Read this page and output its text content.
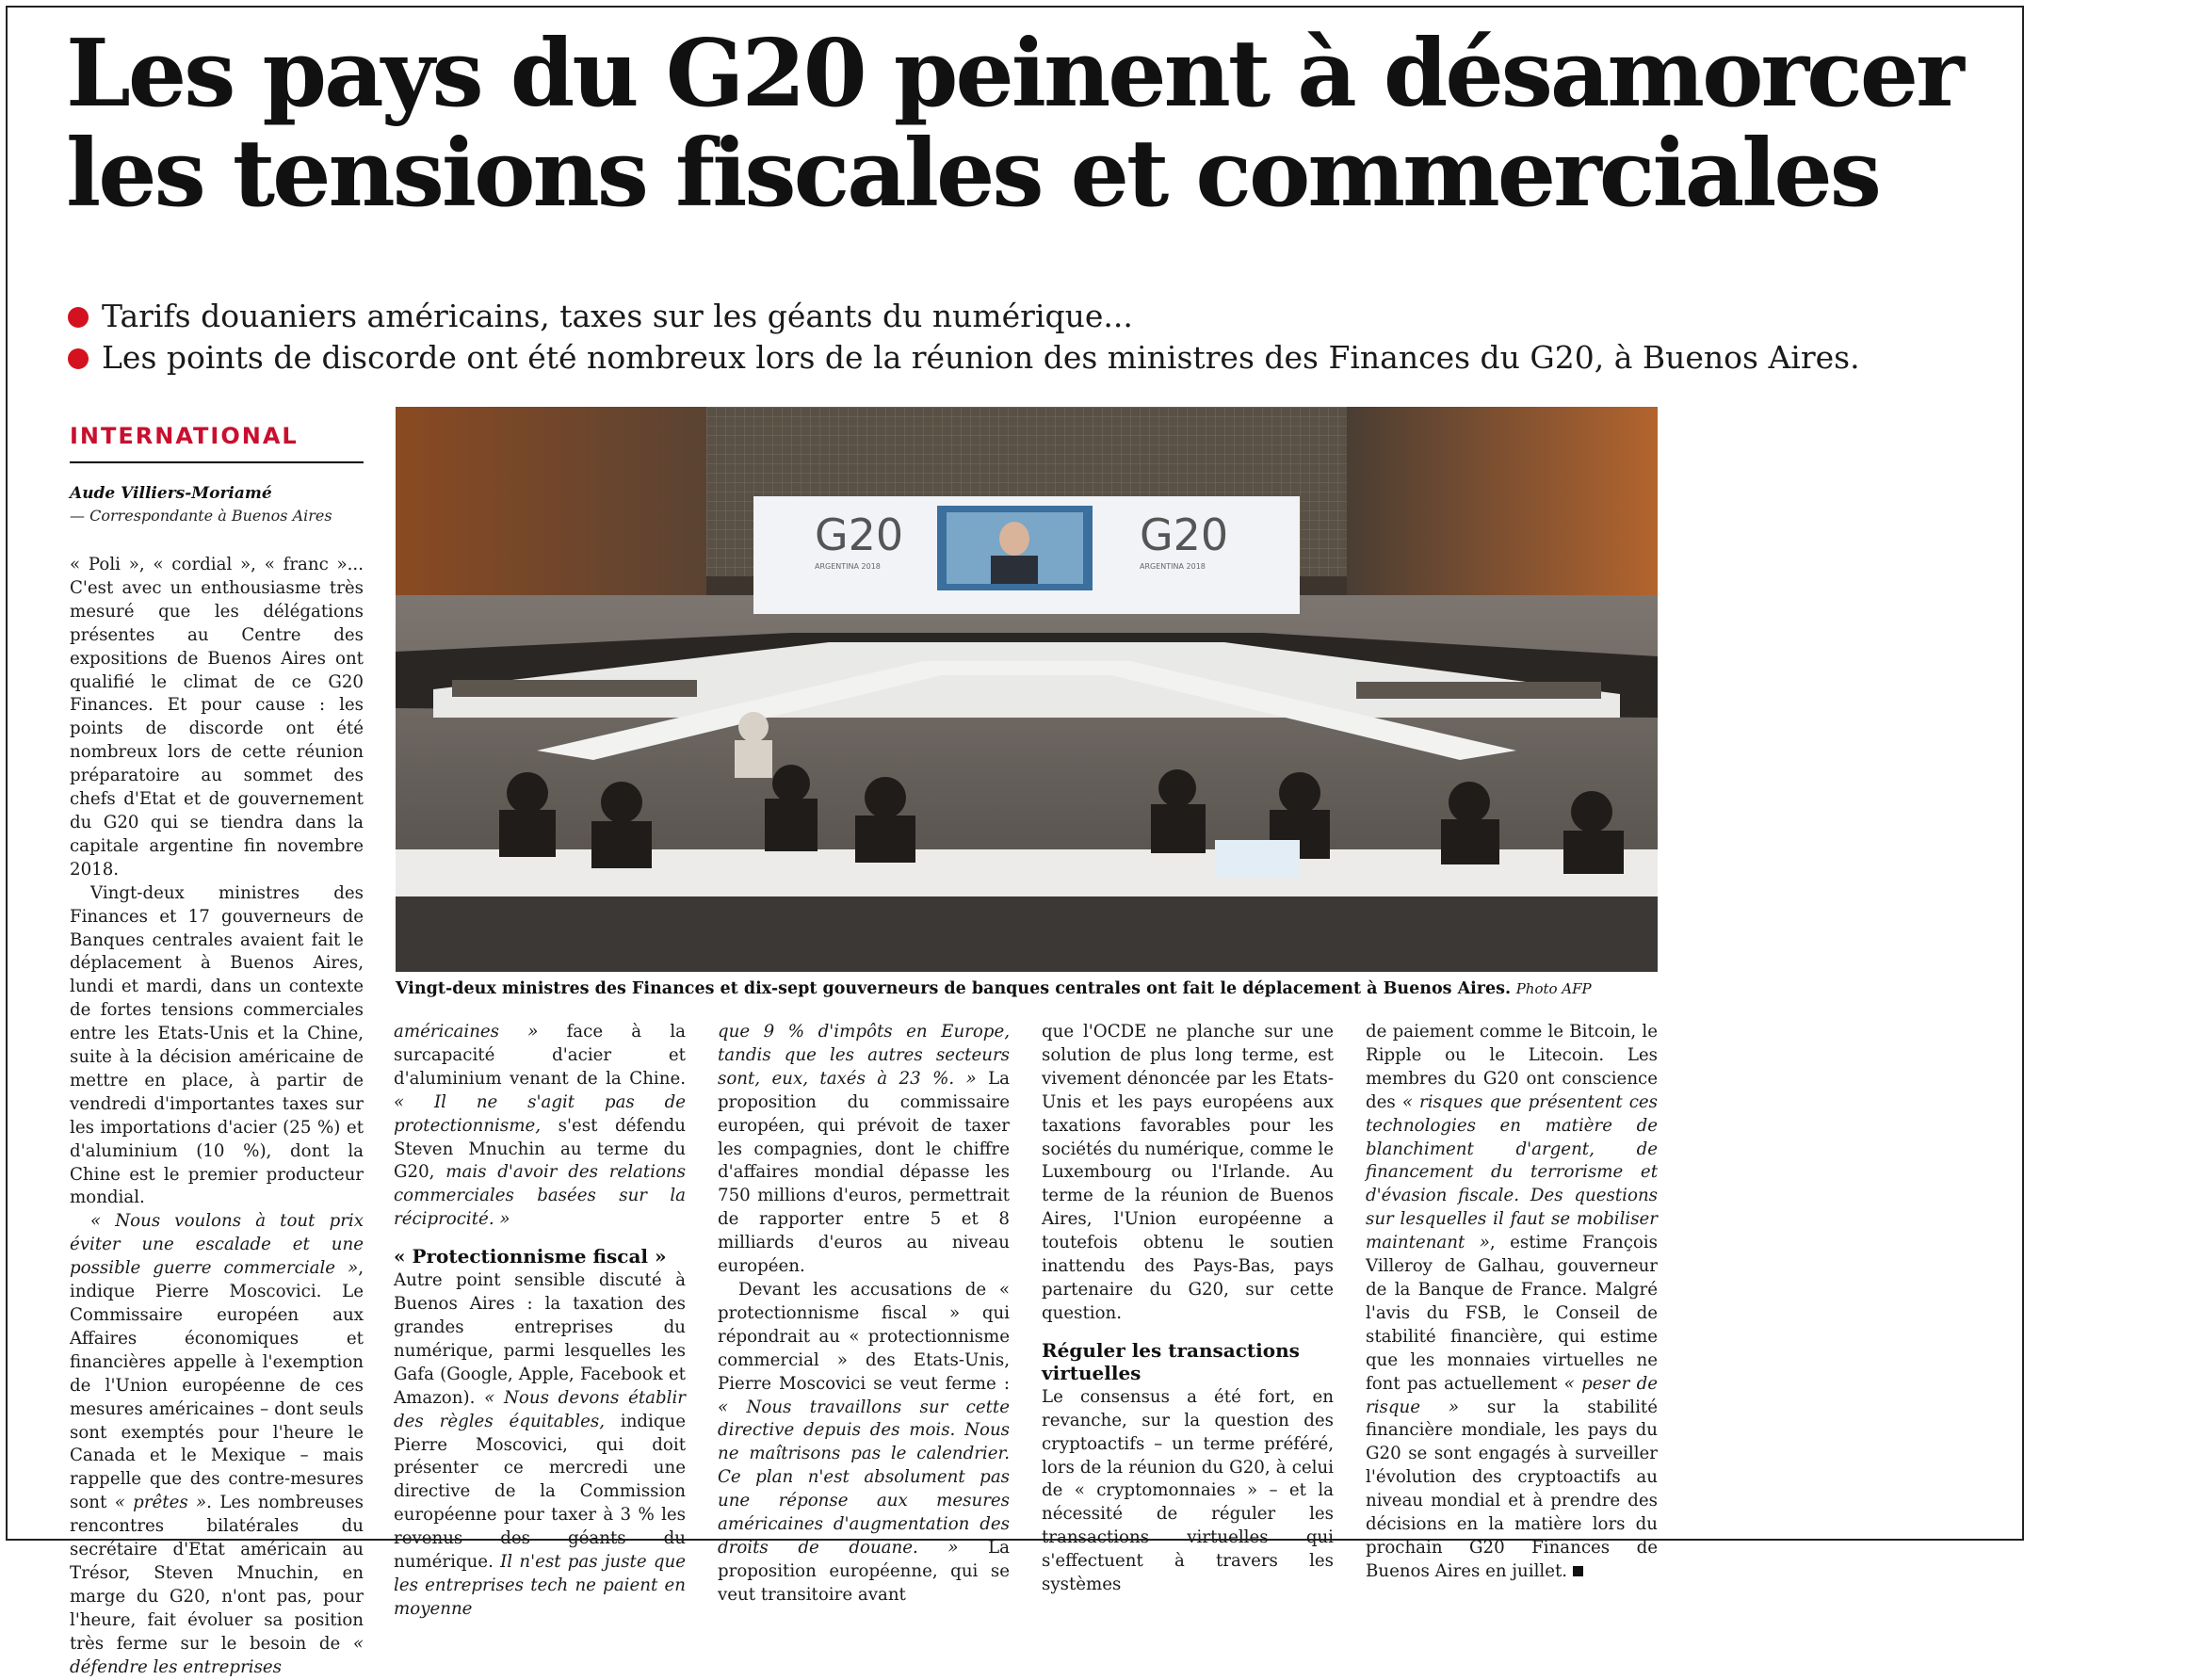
Les pays du G20 peinent à désamorcer
les tensions fiscales et commerciales
Tarifs douaniers américains, taxes sur les géants du numérique...
Les points de discorde ont été nombreux lors de la réunion des ministres des Finances du G20, à Buenos Aires.
INTERNATIONAL
Aude Villiers-Moriamé
— Correspondante à Buenos Aires	G20
ARGENTINA 2018
G20
ARGENTINA 2018
Vingt-deux ministres des Finances et dix-sept gouverneurs de banques centrales ont fait le déplacement à Buenos Aires. Photo AFP

« Poli », « cordial », « franc »... C'est avec un enthousiasme très mesuré que les délégations présentes au Centre des expositions de Buenos Aires ont qualifié le climat de ce G20 Finances. Et pour cause : les points de discorde ont été nombreux lors de cette réunion préparatoire au sommet des chefs d'Etat et de gouvernement du G20 qui se tiendra dans la capitale argentine fin novembre 2018.

Vingt-deux ministres des Finances et 17 gouverneurs de Banques centrales avaient fait le déplacement à Buenos Aires, lundi et mardi, dans un contexte de fortes tensions commerciales entre les Etats-Unis et la Chine, suite à la décision américaine de mettre en place, à partir de vendredi d'importantes taxes sur les importations d'acier (25 %) et d'aluminium (10 %), dont la Chine est le premier producteur mondial.

« Nous voulons à tout prix éviter une escalade et une possible guerre commerciale », indique Pierre Moscovici. Le Commissaire européen aux Affaires économiques et financières appelle à l'exemption de l'Union européenne de ces mesures américaines – dont seuls sont exemptés pour l'heure le Canada et le Mexique – mais rappelle que des contre-mesures sont « prêtes ». Les nombreuses rencontres bilatérales du secrétaire d'Etat américain au Trésor, Steven Mnuchin, en marge du G20, n'ont pas, pour l'heure, fait évoluer sa position très ferme sur le besoin de « défendre les entreprises

américaines » face à la surcapacité d'acier et d'aluminium venant de la Chine. « Il ne s'agit pas de protectionnisme, s'est défendu Steven Mnuchin au terme du G20, mais d'avoir des relations commerciales basées sur la réciprocité. »

« Protectionnisme fiscal »

Autre point sensible discuté à Buenos Aires : la taxation des grandes entreprises du numérique, parmi lesquelles les Gafa (Google, Apple, Facebook et Amazon). « Nous devons établir des règles équitables, indique Pierre Moscovici, qui doit présenter ce mercredi une directive de la Commission européenne pour taxer à 3 % les revenus des géants du numérique. Il n'est pas juste que les entreprises tech ne paient en moyenne

que 9 % d'impôts en Europe, tandis que les autres secteurs sont, eux, taxés à 23 %. » La proposition du commissaire européen, qui prévoit de taxer les compagnies, dont le chiffre d'affaires mondial dépasse les 750 millions d'euros, permettrait de rapporter entre 5 et 8 milliards d'euros au niveau européen.

Devant les accusations de « protectionnisme fiscal » qui répondrait au « protectionnisme commercial » des Etats-Unis, Pierre Moscovici se veut ferme : « Nous travaillons sur cette directive depuis des mois. Nous ne maîtrisons pas le calendrier. Ce plan n'est absolument pas une réponse aux mesures américaines d'augmentation des droits de douane. » La proposition européenne, qui se veut transitoire avant

que l'OCDE ne planche sur une solution de plus long terme, est vivement dénoncée par les Etats-Unis et les pays européens aux taxations favorables pour les sociétés du numérique, comme le Luxembourg ou l'Irlande. Au terme de la réunion de Buenos Aires, l'Union européenne a toutefois obtenu le soutien inattendu des Pays-Bas, pays partenaire du G20, sur cette question.

Réguler les transactions virtuelles

Le consensus a été fort, en revanche, sur la question des cryptoactifs – un terme préféré, lors de la réunion du G20, à celui de « cryptomonnaies » – et la nécessité de réguler les transactions virtuelles qui s'effectuent à travers les systèmes

de paiement comme le Bitcoin, le Ripple ou le Litecoin. Les membres du G20 ont conscience des « risques que présentent ces technologies en matière de blanchiment d'argent, de financement du terrorisme et d'évasion fiscale. Des questions sur lesquelles il faut se mobiliser maintenant », estime François Villeroy de Galhau, gouverneur de la Banque de France. Malgré l'avis du FSB, le Conseil de stabilité financière, qui estime que les monnaies virtuelles ne font pas actuellement « peser de risque » sur la stabilité financière mondiale, les pays du G20 se sont engagés à surveiller l'évolution des cryptoactifs au niveau mondial et à prendre des décisions en la matière lors du prochain G20 Finances de Buenos Aires en juillet.
